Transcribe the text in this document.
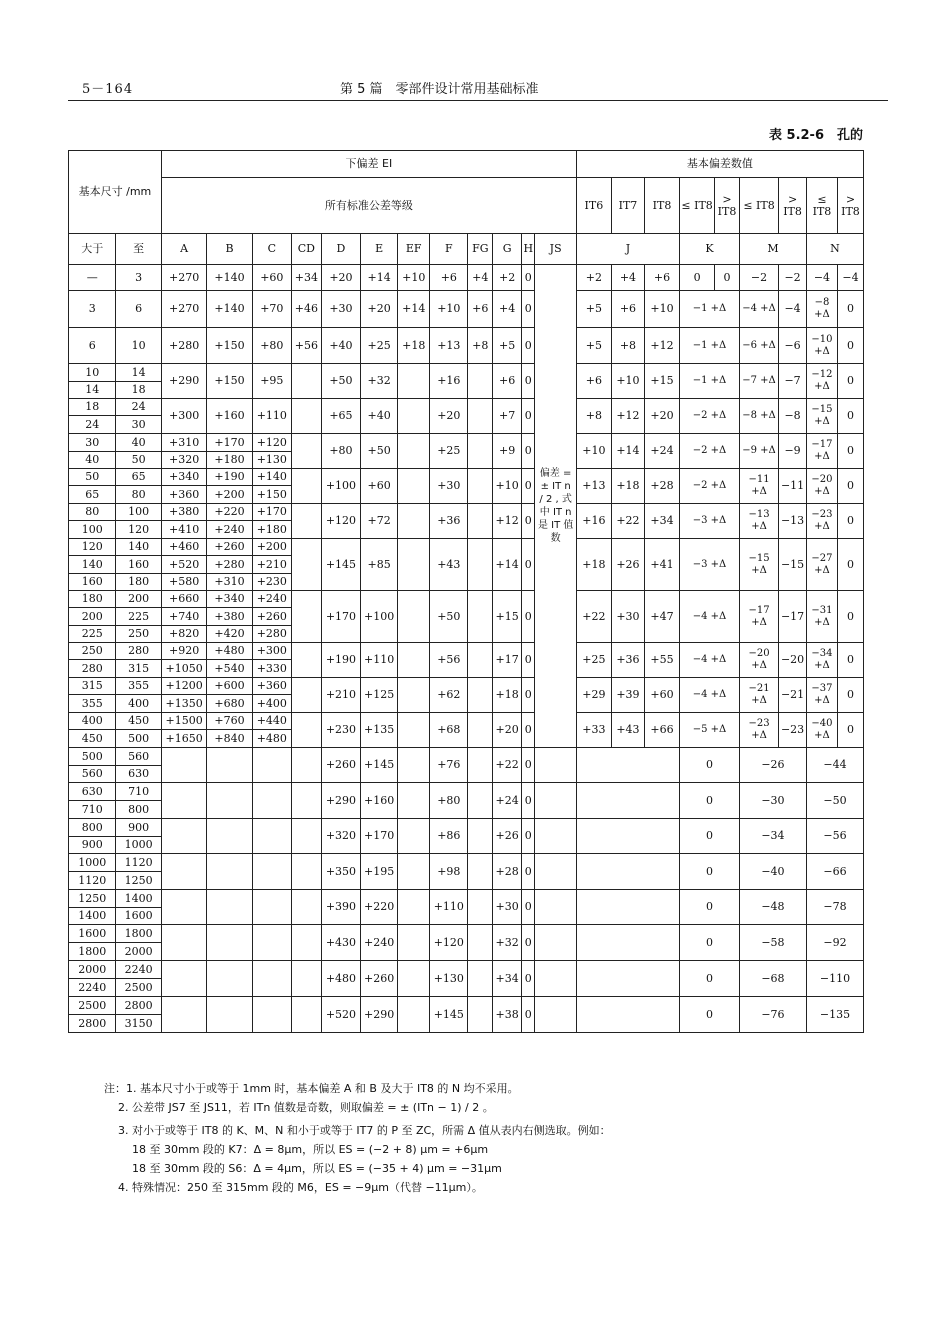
5－164	第 5 篇　零部件设计常用基础标准
表 5.2-6　孔的
基本尺寸 /mm		下偏差 EI												基本偏差数值								
		所有标准公差等级												IT6	IT7	IT8	≤ IT8	> IT8	≤ IT8	> IT8	≤ IT8	> IT8
大于	至	A	B	C	CD	D	E	EF	F	FG	G	H	JS	J			K		M		N	
—	3	+270	+140	+60	+34	+20	+14	+10	+6	+4	+2	0	偏差 = ± IT n / 2 , 式中 IT n 是 IT 值数	+2	+4	+6	0	0	−2	−2	−4	−4
3	6	+270	+140	+70	+46	+30	+20	+14	+10	+6	+4	0		+5	+6	+10	−1 +Δ		−4 +Δ	−4	−8 +Δ	0
6	10	+280	+150	+80	+56	+40	+25	+18	+13	+8	+5	0		+5	+8	+12	−1 +Δ		−6 +Δ	−6	−10 +Δ	0
10	14	+290	+150	+95		+50	+32		+16		+6	0		+6	+10	+15	−1 +Δ		−7 +Δ	−7	−12 +Δ	0
14	18																					
18	24	+300	+160	+110		+65	+40		+20		+7	0		+8	+12	+20	−2 +Δ		−8 +Δ	−8	−15 +Δ	0
24	30																					
30	40	+310	+170	+120		+80	+50		+25		+9	0		+10	+14	+24	−2 +Δ		−9 +Δ	−9	−17 +Δ	0
40	50	+320	+180	+130																		
50	65	+340	+190	+140		+100	+60		+30		+10	0		+13	+18	+28	−2 +Δ		−11 +Δ	−11	−20 +Δ	0
65	80	+360	+200	+150																		
80	100	+380	+220	+170		+120	+72		+36		+12	0		+16	+22	+34	−3 +Δ		−13 +Δ	−13	−23 +Δ	0
100	120	+410	+240	+180																		
120	140	+460	+260	+200		+145	+85		+43		+14	0		+18	+26	+41	−3 +Δ		−15 +Δ	−15	−27 +Δ	0
140	160	+520	+280	+210																		
160	180	+580	+310	+230																		
180	200	+660	+340	+240		+170	+100		+50		+15	0		+22	+30	+47	−4 +Δ		−17 +Δ	−17	−31 +Δ	0
200	225	+740	+380	+260																		
225	250	+820	+420	+280																		
250	280	+920	+480	+300		+190	+110		+56		+17	0		+25	+36	+55	−4 +Δ		−20 +Δ	−20	−34 +Δ	0
280	315	+1050	+540	+330																		
315	355	+1200	+600	+360		+210	+125		+62		+18	0		+29	+39	+60	−4 +Δ		−21 +Δ	−21	−37 +Δ	0
355	400	+1350	+680	+400																		
400	450	+1500	+760	+440		+230	+135		+68		+20	0		+33	+43	+66	−5 +Δ		−23 +Δ	−23	−40 +Δ	0
450	500	+1650	+840	+480																		
500	560					+260	+145		+76		+22	0					0		−26		−44	
560	630																					
630	710					+290	+160		+80		+24	0					0		−30		−50	
710	800																					
800	900					+320	+170		+86		+26	0					0		−34		−56	
900	1000																					
1000	1120					+350	+195		+98		+28	0					0		−40		−66	
1120	1250																					
1250	1400					+390	+220		+110		+30	0					0		−48		−78	
1400	1600																					
1600	1800					+430	+240		+120		+32	0					0		−58		−92	
1800	2000																					
2000	2240					+480	+260		+130		+34	0					0		−68		−110	
2240	2500																					
2500	2800					+520	+290		+145		+38	0					0		−76		−135	
2800	3150																					
注：1. 基本尺寸小于或等于 1mm 时，基本偏差 A 和 B 及大于 IT8 的 N 均不采用。
2. 公差带 JS7 至 JS11，若 ITn 值数是奇数，则取偏差 = ± (ITn − 1) / 2 。
3. 对小于或等于 IT8 的 K、M、N 和小于或等于 IT7 的 P 至 ZC，所需 Δ 值从表内右侧选取。例如：
18 至 30mm 段的 K7：Δ = 8μm，所以 ES = (−2 + 8) μm = +6μm
18 至 30mm 段的 S6：Δ = 4μm，所以 ES = (−35 + 4) μm = −31μm
4. 特殊情况：250 至 315mm 段的 M6，ES = −9μm（代替 −11μm）。
